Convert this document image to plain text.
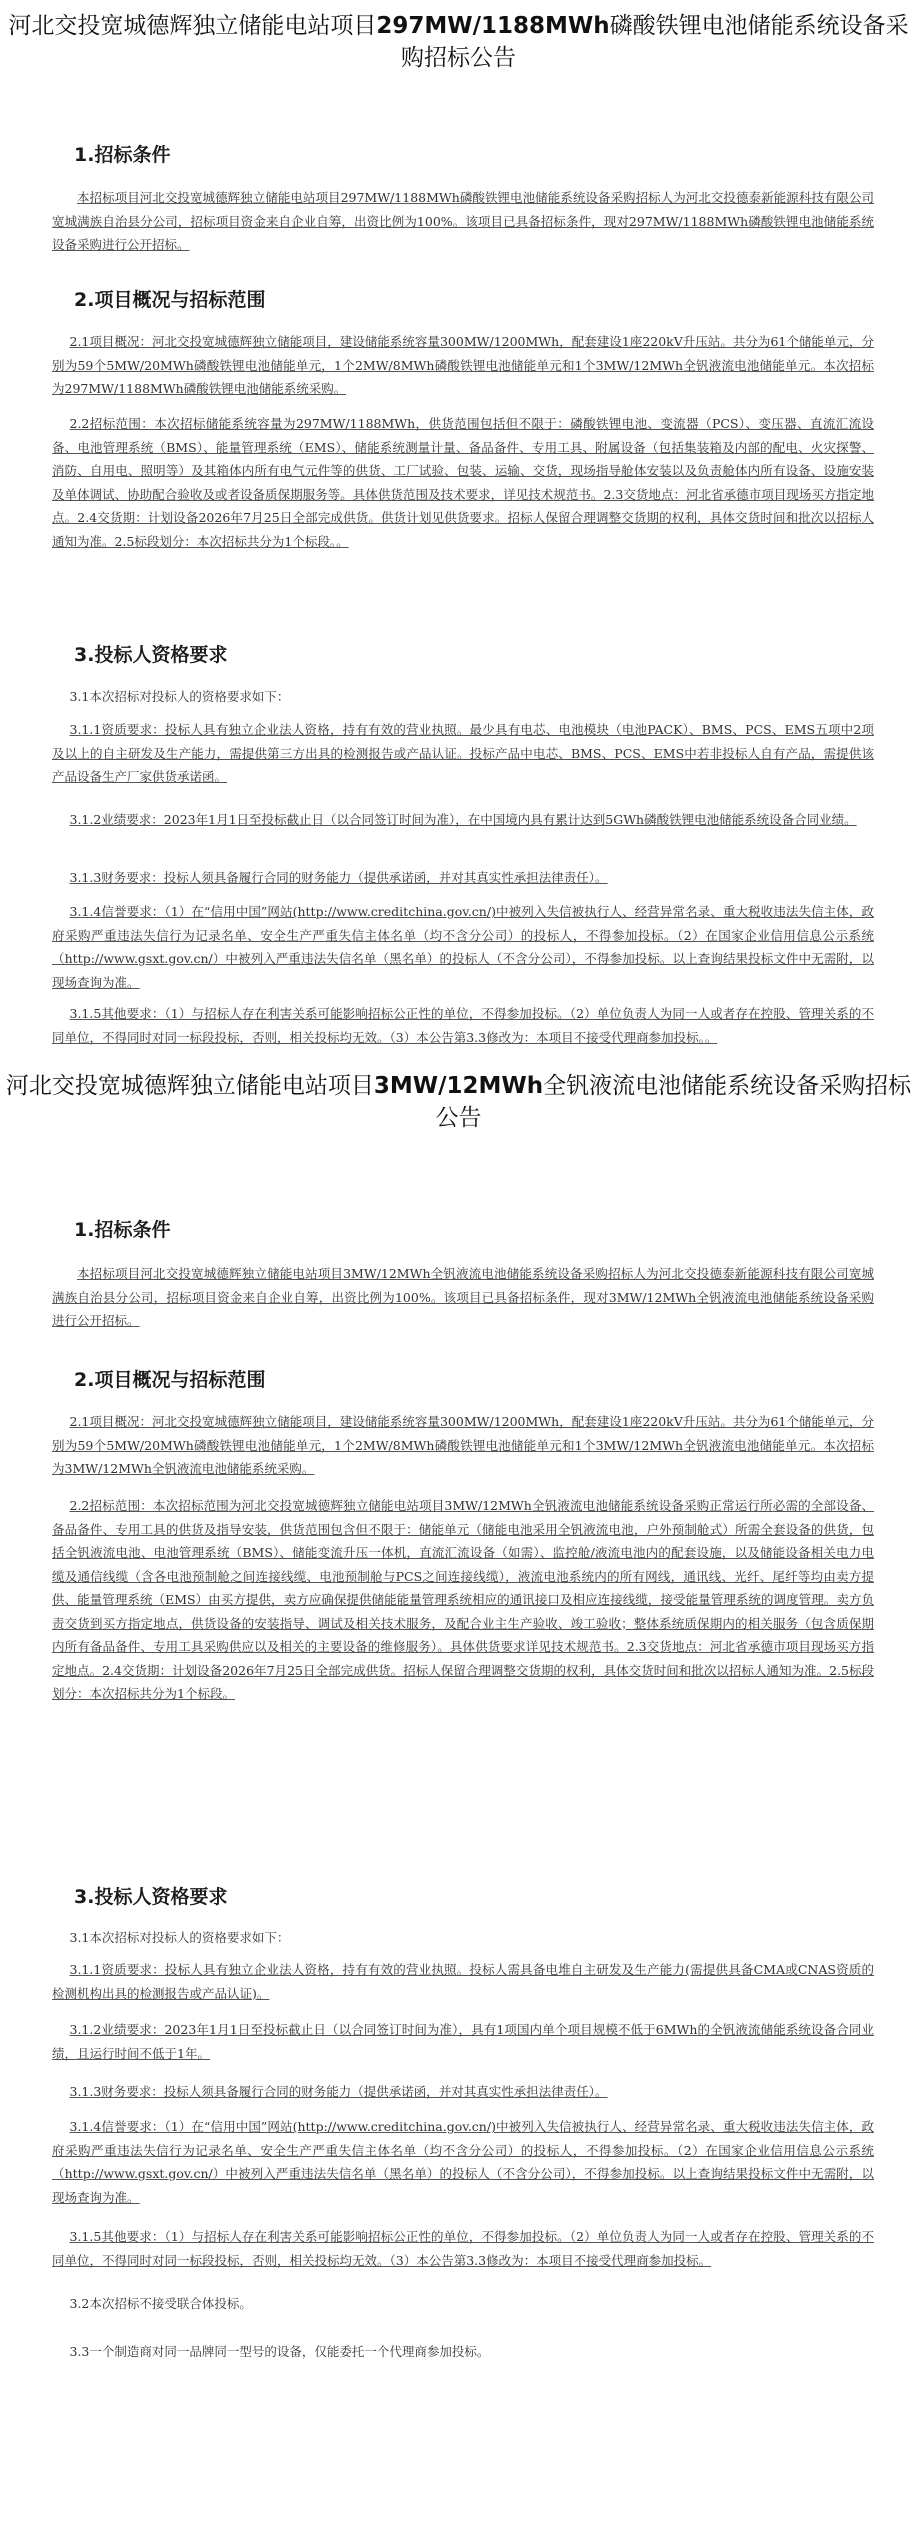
河北交投宽城德辉独立储能电站项目297MW/1188MWh磷酸铁锂电池储能系统设备采购招标公告
1.招标条件

本招标项目河北交投宽城德辉独立储能电站项目297MW/1188MWh磷酸铁锂电池储能系统设备采购招标人为河北交投德泰新能源科技有限公司宽城满族自治县分公司，招标项目资金来自企业自筹，出资比例为100%。该项目已具备招标条件，现对297MW/1188MWh磷酸铁锂电池储能系统设备采购进行公开招标。

2.项目概况与招标范围

2.1项目概况：河北交投宽城德辉独立储能项目，建设储能系统容量300MW/1200MWh，配套建设1座220kV升压站。共分为61个储能单元，分别为59个5MW/20MWh磷酸铁锂电池储能单元，1个2MW/8MWh磷酸铁锂电池储能单元和1个3MW/12MWh全钒液流电池储能单元。本次招标为297MW/1188MWh磷酸铁锂电池储能系统采购。

2.2招标范围：本次招标储能系统容量为297MW/1188MWh，供货范围包括但不限于：磷酸铁锂电池、变流器（PCS）、变压器、直流汇流设备、电池管理系统（BMS）、能量管理系统（EMS）、储能系统测量计量、备品备件、专用工具、附属设备（包括集装箱及内部的配电、火灾探警、消防、自用电、照明等）及其箱体内所有电气元件等的供货、工厂试验、包装、运输、交货，现场指导舱体安装以及负责舱体内所有设备、设施安装及单体调试、协助配合验收及或者设备质保期服务等。具体供货范围及技术要求，详见技术规范书。2.3交货地点：河北省承德市项目现场买方指定地点。2.4交货期：计划设备2026年7月25日全部完成供货。供货计划见供货要求。招标人保留合理调整交货期的权利，具体交货时间和批次以招标人通知为准。2.5标段划分：本次招标共分为1个标段。。

3.投标人资格要求

3.1本次招标对投标人的资格要求如下：

3.1.1资质要求：投标人具有独立企业法人资格，持有有效的营业执照。最少具有电芯、电池模块（电池PACK）、BMS、PCS、EMS五项中2项及以上的自主研发及生产能力，需提供第三方出具的检测报告或产品认证。投标产品中电芯、BMS、PCS、EMS中若非投标人自有产品，需提供该产品设备生产厂家供货承诺函。

3.1.2业绩要求：2023年1月1日至投标截止日（以合同签订时间为准），在中国境内具有累计达到5GWh磷酸铁锂电池储能系统设备合同业绩。

3.1.3财务要求：投标人须具备履行合同的财务能力（提供承诺函，并对其真实性承担法律责任）。

3.1.4信誉要求：（1）在“信用中国”网站(http://www.creditchina.gov.cn/)中被列入失信被执行人、经营异常名录、重大税收违法失信主体，政府采购严重违法失信行为记录名单、安全生产严重失信主体名单（均不含分公司）的投标人，不得参加投标。（2）在国家企业信用信息公示系统（http://www.gsxt.gov.cn/）中被列入严重违法失信名单（黑名单）的投标人（不含分公司），不得参加投标。以上查询结果投标文件中无需附，以现场查询为准。

3.1.5其他要求：（1）与招标人存在利害关系可能影响招标公正性的单位，不得参加投标。（2）单位负责人为同一人或者存在控股、管理关系的不同单位，不得同时对同一标段投标，否则，相关投标均无效。（3）本公告第3.3修改为：本项目不接受代理商参加投标。。

河北交投宽城德辉独立储能电站项目3MW/12MWh全钒液流电池储能系统设备采购招标公告
1.招标条件

本招标项目河北交投宽城德辉独立储能电站项目3MW/12MWh全钒液流电池储能系统设备采购招标人为河北交投德泰新能源科技有限公司宽城满族自治县分公司，招标项目资金来自企业自筹，出资比例为100%。该项目已具备招标条件，现对3MW/12MWh全钒液流电池储能系统设备采购进行公开招标。

2.项目概况与招标范围

2.1项目概况：河北交投宽城德辉独立储能项目，建设储能系统容量300MW/1200MWh，配套建设1座220kV升压站。共分为61个储能单元，分别为59个5MW/20MWh磷酸铁锂电池储能单元，1个2MW/8MWh磷酸铁锂电池储能单元和1个3MW/12MWh全钒液流电池储能单元。本次招标为3MW/12MWh全钒液流电池储能系统采购。

2.2招标范围：本次招标范围为河北交投宽城德辉独立储能电站项目3MW/12MWh全钒液流电池储能系统设备采购正常运行所必需的全部设备、备品备件、专用工具的供货及指导安装，供货范围包含但不限于：储能单元（储能电池采用全钒液流电池，户外预制舱式）所需全套设备的供货，包括全钒液流电池、电池管理系统（BMS）、储能变流升压一体机，直流汇流设备（如需）、监控舱/液流电池内的配套设施，以及储能设备相关电力电缆及通信线缆（含各电池预制舱之间连接线缆、电池预制舱与PCS之间连接线缆），液流电池系统内的所有网线，通讯线、光纤、尾纤等均由卖方提供、能量管理系统（EMS）由买方提供，卖方应确保提供储能能量管理系统相应的通讯接口及相应连接线缆，接受能量管理系统的调度管理。卖方负责交货到买方指定地点，供货设备的安装指导、调试及相关技术服务，及配合业主生产验收、竣工验收；整体系统质保期内的相关服务（包含质保期内所有备品备件、专用工具采购供应以及相关的主要设备的维修服务）。具体供货要求详见技术规范书。2.3交货地点：河北省承德市项目现场买方指定地点。2.4交货期：计划设备2026年7月25日全部完成供货。招标人保留合理调整交货期的权利，具体交货时间和批次以招标人通知为准。2.5标段划分：本次招标共分为1个标段。

3.投标人资格要求

3.1本次招标对投标人的资格要求如下：

3.1.1资质要求：投标人具有独立企业法人资格，持有有效的营业执照。投标人需具备电堆自主研发及生产能力(需提供具备CMA或CNAS资质的检测机构出具的检测报告或产品认证)。

3.1.2业绩要求：2023年1月1日至投标截止日（以合同签订时间为准），具有1项国内单个项目规模不低于6MWh的全钒液流储能系统设备合同业绩，且运行时间不低于1年。

3.1.3财务要求：投标人须具备履行合同的财务能力（提供承诺函，并对其真实性承担法律责任）。

3.1.4信誉要求：（1）在“信用中国”网站(http://www.creditchina.gov.cn/)中被列入失信被执行人、经营异常名录、重大税收违法失信主体，政府采购严重违法失信行为记录名单、安全生产严重失信主体名单（均不含分公司）的投标人，不得参加投标。（2）在国家企业信用信息公示系统（http://www.gsxt.gov.cn/）中被列入严重违法失信名单（黑名单）的投标人（不含分公司），不得参加投标。以上查询结果投标文件中无需附，以现场查询为准。

3.1.5其他要求：（1）与招标人存在利害关系可能影响招标公正性的单位，不得参加投标。（2）单位负责人为同一人或者存在控股、管理关系的不同单位，不得同时对同一标段投标，否则，相关投标均无效。（3）本公告第3.3修改为：本项目不接受代理商参加投标。

3.2本次招标不接受联合体投标。

3.3一个制造商对同一品牌同一型号的设备，仅能委托一个代理商参加投标。
